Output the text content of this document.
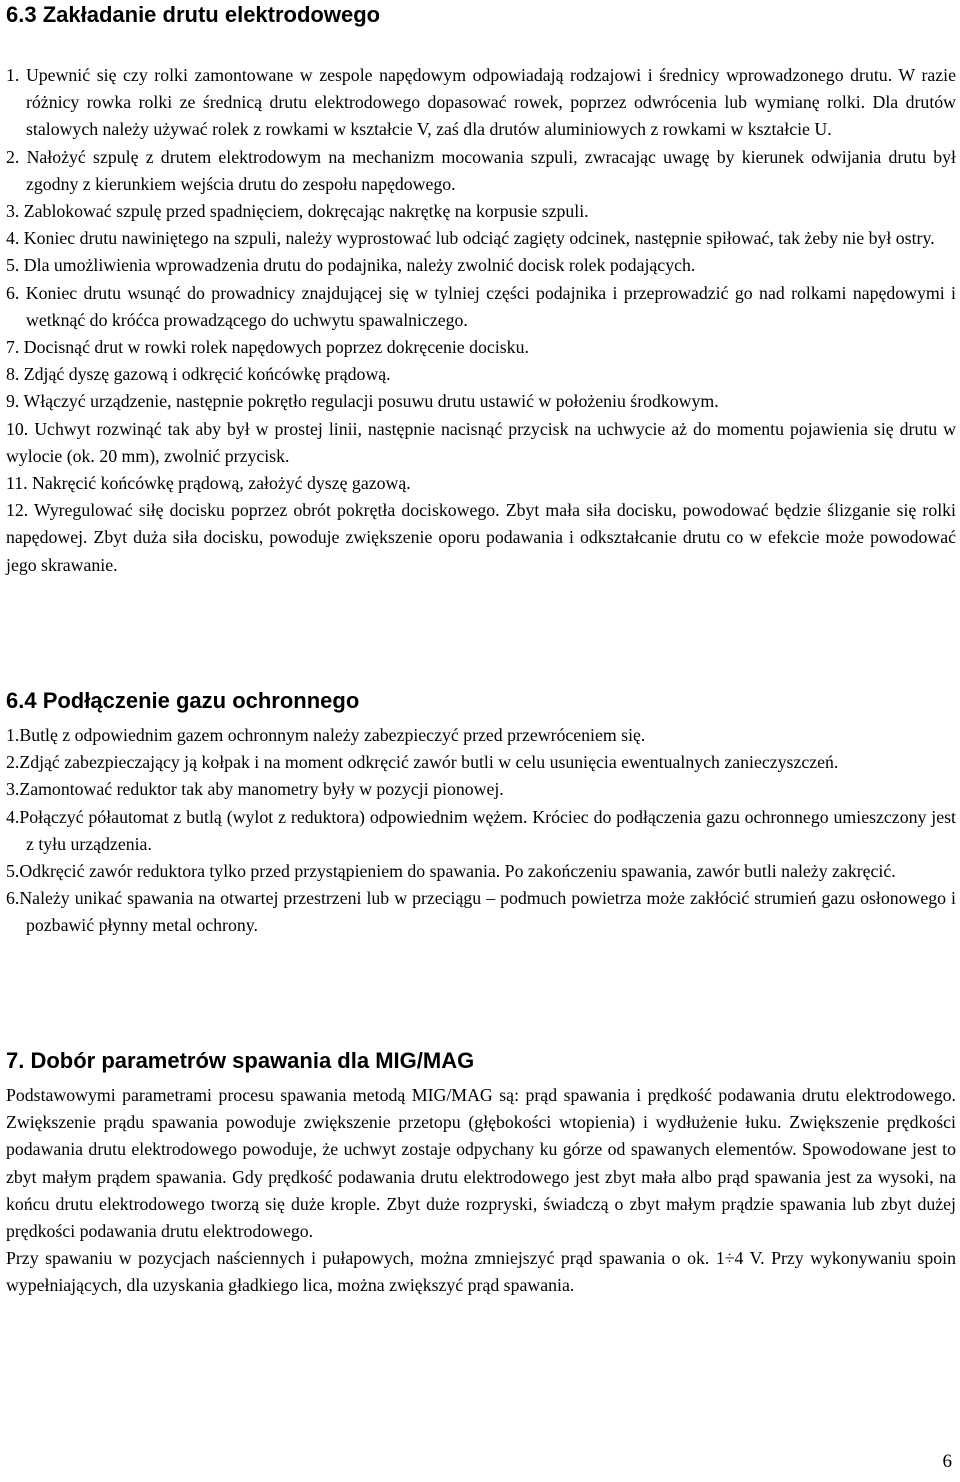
6.3 Zakładanie drutu elektrodowego

1. Upewnić się czy rolki zamontowane w zespole napędowym odpowiadają rodzajowi i średnicy wprowadzonego drutu. W razie różnicy rowka rolki ze średnicą drutu elektrodowego dopasować rowek, poprzez odwrócenia lub wymianę rolki. Dla drutów stalowych należy używać rolek z rowkami w kształcie V, zaś dla drutów aluminiowych z rowkami w kształcie U.

2. Nałożyć szpulę z drutem elektrodowym na mechanizm mocowania szpuli, zwracając uwagę by kierunek odwijania drutu był zgodny z kierunkiem wejścia drutu do zespołu napędowego.

3. Zablokować szpulę przed spadnięciem, dokręcając nakrętkę na korpusie szpuli.

4. Koniec drutu nawiniętego na szpuli, należy wyprostować lub odciąć zagięty odcinek, następnie spiłować, tak żeby nie był ostry.

5. Dla umożliwienia wprowadzenia drutu do podajnika, należy zwolnić docisk rolek podających.

6. Koniec drutu wsunąć do prowadnicy znajdującej się w tylniej części podajnika i przeprowadzić go nad rolkami napędowymi i wetknąć do króćca prowadzącego do uchwytu spawalniczego.

7. Docisnąć drut w rowki rolek napędowych poprzez dokręcenie docisku.

8. Zdjąć dyszę gazową i odkręcić końcówkę prądową.

9. Włączyć urządzenie, następnie pokrętło regulacji posuwu drutu ustawić w położeniu środkowym.

10. Uchwyt rozwinąć tak aby był w prostej linii, następnie nacisnąć przycisk na uchwycie aż do momentu pojawienia się drutu w wylocie (ok. 20 mm), zwolnić przycisk.

11. Nakręcić końcówkę prądową, założyć dyszę gazową.

12. Wyregulować siłę docisku poprzez obrót pokrętła dociskowego. Zbyt mała siła docisku, powodować będzie ślizganie się rolki napędowej. Zbyt duża siła docisku, powoduje zwiększenie oporu podawania i odkształcanie drutu co w efekcie może powodować jego skrawanie.

6.4 Podłączenie gazu ochronnego

1.Butlę z odpowiednim gazem ochronnym należy zabezpieczyć przed przewróceniem się.

2.Zdjąć zabezpieczający ją kołpak i na moment odkręcić zawór butli w celu usunięcia ewentualnych zanieczyszczeń.

3.Zamontować reduktor tak aby manometry były w pozycji pionowej.

4.Połączyć półautomat z butlą (wylot z reduktora) odpowiednim wężem. Króciec do podłączenia gazu ochronnego umieszczony jest z tyłu urządzenia.

5.Odkręcić zawór reduktora tylko przed przystąpieniem do spawania. Po zakończeniu spawania, zawór butli należy zakręcić.

6.Należy unikać spawania na otwartej przestrzeni lub w przeciągu – podmuch powietrza może zakłócić strumień gazu osłonowego i pozbawić płynny metal ochrony.

7. Dobór parametrów spawania dla MIG/MAG

Podstawowymi parametrami procesu spawania metodą MIG/MAG są: prąd spawania i prędkość podawania drutu elektrodowego. Zwiększenie prądu spawania powoduje zwiększenie przetopu (głębokości wtopienia) i wydłużenie łuku. Zwiększenie prędkości podawania drutu elektrodowego powoduje, że uchwyt zostaje odpychany ku górze od spawanych elementów. Spowodowane jest to zbyt małym prądem spawania. Gdy prędkość podawania drutu elektrodowego jest zbyt mała albo prąd spawania jest za wysoki, na końcu drutu elektrodowego tworzą się duże krople. Zbyt duże rozpryski, świadczą o zbyt małym prądzie spawania lub zbyt dużej prędkości podawania drutu elektrodowego.

Przy spawaniu w pozycjach naściennych i pułapowych, można zmniejszyć prąd spawania o ok. 1÷4 V. Przy wykonywaniu spoin wypełniających, dla uzyskania gładkiego lica, można zwiększyć prąd spawania.

6
